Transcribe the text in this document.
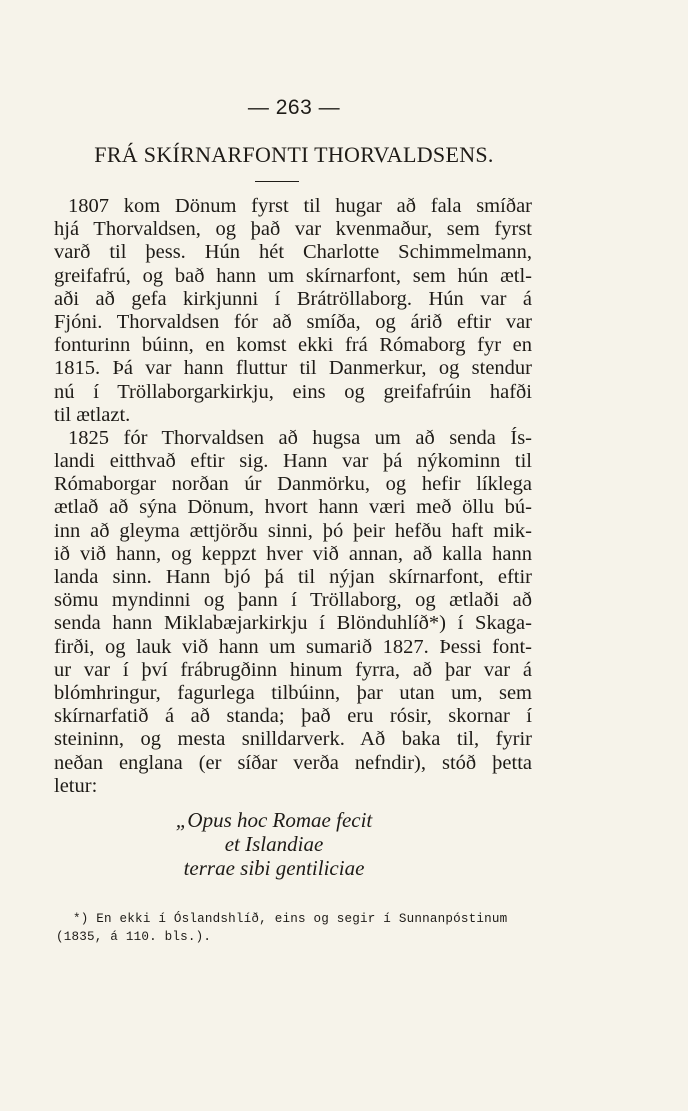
— 263 —
FRÁ SKÍRNARFONTI THORVALDSENS.
1807 kom Dönum fyrst til hugar að fala smíðar
hjá Thorvaldsen, og það var kvenmaður, sem fyrst
varð til þess. Hún hét Charlotte Schimmelmann,
greifafrú, og bað hann um skírnarfont, sem hún ætl-
aði að gefa kirkjunni í Brátröllaborg. Hún var á
Fjóni. Thorvaldsen fór að smíða, og árið eftir var
fonturinn búinn, en komst ekki frá Rómaborg fyr en
1815. Þá var hann fluttur til Danmerkur, og stendur
nú í Tröllaborgarkirkju, eins og greifafrúin hafði
til ætlazt.
1825 fór Thorvaldsen að hugsa um að senda Ís-
landi eitthvað eftir sig. Hann var þá nýkominn til
Rómaborgar norðan úr Danmörku, og hefir líklega
ætlað að sýna Dönum, hvort hann væri með öllu bú-
inn að gleyma ættjörðu sinni, þó þeir hefðu haft mik-
ið við hann, og keppzt hver við annan, að kalla hann
landa sinn. Hann bjó þá til nýjan skírnarfont, eftir
sömu myndinni og þann í Tröllaborg, og ætlaði að
senda hann Miklabæjarkirkju í Blönduhlíð*) í Skaga-
firði, og lauk við hann um sumarið 1827. Þessi font-
ur var í því frábrugðinn hinum fyrra, að þar var á
blómhringur, fagurlega tilbúinn, þar utan um, sem
skírnarfatið á að standa; það eru rósir, skornar í
steininn, og mesta snilldarverk. Að baka til, fyrir
neðan englana (er síðar verða nefndir), stóð þetta
letur:
„Opus hoc Romae fecit
et Islandiae
terrae sibi gentiliciae
*) En ekki í Óslandshlíð, eins og segir í Sunnanpóstinum
(1835, á 110. bls.).
